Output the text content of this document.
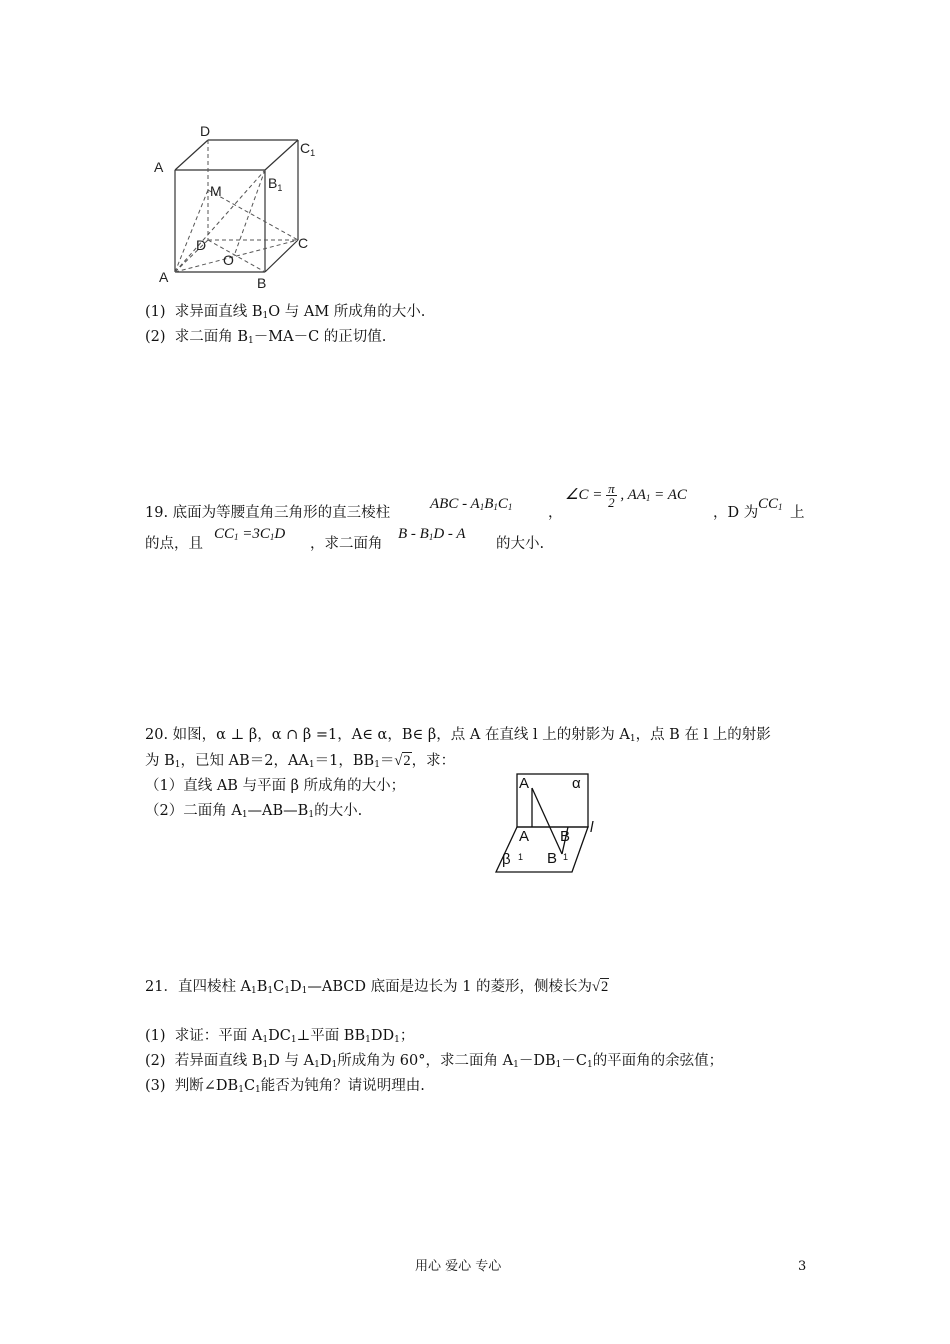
D
$C_1$
A
M	$B_1$
D	C
O
A	B
(1) 求异面直线 $B_1O$ 与 AM 所成角的大小.
(2) 求二面角 $B_1-MA-C$ 的正切值.
19. 底面为等腰直角三角形的直三棱柱
ABC - $A_1B_1C_1$ ，
∠C = $\frac{\pi}{2}$ , $AA_1$ = AC
，D 为
$CC_1$ 上
的点，且
$CC_1 =3C_1D$
，求二面角
B - $B_1D$ - A
的大小.
20. 如图，α ⊥ β，α ∩ β =1，A∈ α，B∈ β，点 A 在直线 l 上的射影为 $A_1$，点 B 在 l 上的射影
为 $B_1$，已知 AB＝2，$AA_1=1$，$BB_1=√2$，求：
（1）直线 AB 与平面 β 所成角的大小；
（2）二面角 $A_1—AB—B_1$的大小.
A	α
A B
l
β 1 B 1
21．直四棱柱 $A_1B_1C_1D_1—ABCD$ 底面是边长为 1 的菱形，侧棱长为√2
(1) 求证：平面 $A_1DC_1\perp$平面 $BB_1DD_1$；
(2) 若异面直线 $B_1D$ 与 $A_1D_1$所成角为 60°，求二面角 $A_1-DB_1-C_1$的平面角的余弦值；
(3) 判断$\angle DB_1C_1$能否为钝角？请说明理由.
用心 爱心 专心	3
